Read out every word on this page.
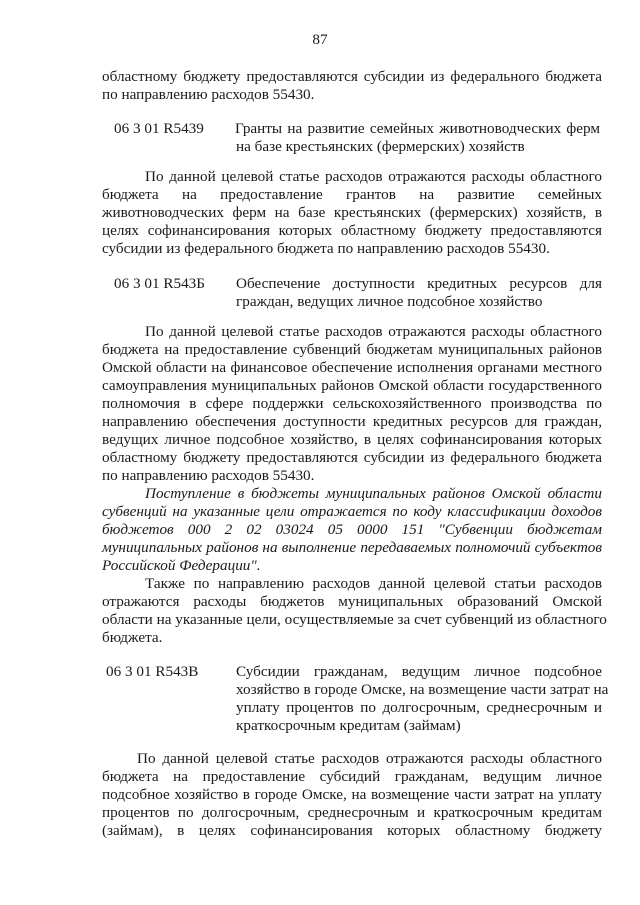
87
областному бюджету предоставляются субсидии из федерального бюджета
по направлению расходов 55430.
06 3 01 R5439 Гранты на развитие семейных животноводческих ферм
на базе крестьянских (фермерских) хозяйств
По данной целевой статье расходов отражаются расходы областного
бюджета на предоставление грантов на развитие семейных
животноводческих ферм на базе крестьянских (фермерских) хозяйств, в
целях софинансирования которых областному бюджету предоставляются
субсидии из федерального бюджета по направлению расходов 55430.
06 3 01 R543Б Обеспечение доступности кредитных ресурсов для
граждан, ведущих личное подсобное хозяйство
По данной целевой статье расходов отражаются расходы областного
бюджета на предоставление субвенций бюджетам муниципальных районов
Омской области на финансовое обеспечение исполнения органами местного
самоуправления муниципальных районов Омской области государственного
полномочия в сфере поддержки сельскохозяйственного производства по
направлению обеспечения доступности кредитных ресурсов для граждан,
ведущих личное подсобное хозяйство, в целях софинансирования которых
областному бюджету предоставляются субсидии из федерального бюджета
по направлению расходов 55430.
Поступление в бюджеты муниципальных районов Омской области
субвенций на указанные цели отражается по коду классификации доходов
бюджетов 000 2 02 03024 05 0000 151 "Субвенции бюджетам
муниципальных районов на выполнение передаваемых полномочий субъектов
Российской Федерации".
Также по направлению расходов данной целевой статьи расходов
отражаются расходы бюджетов муниципальных образований Омской
области на указанные цели, осуществляемые за счет субвенций из областного
бюджета.
06 3 01 R543В Субсидии гражданам, ведущим личное подсобное
хозяйство в городе Омске, на возмещение части затрат на
уплату процентов по долгосрочным, среднесрочным и
краткосрочным кредитам (займам)
По данной целевой статье расходов отражаются расходы областного
бюджета на предоставление субсидий гражданам, ведущим личное
подсобное хозяйство в городе Омске, на возмещение части затрат на уплату
процентов по долгосрочным, среднесрочным и краткосрочным кредитам
(займам), в целях софинансирования которых областному бюджету
